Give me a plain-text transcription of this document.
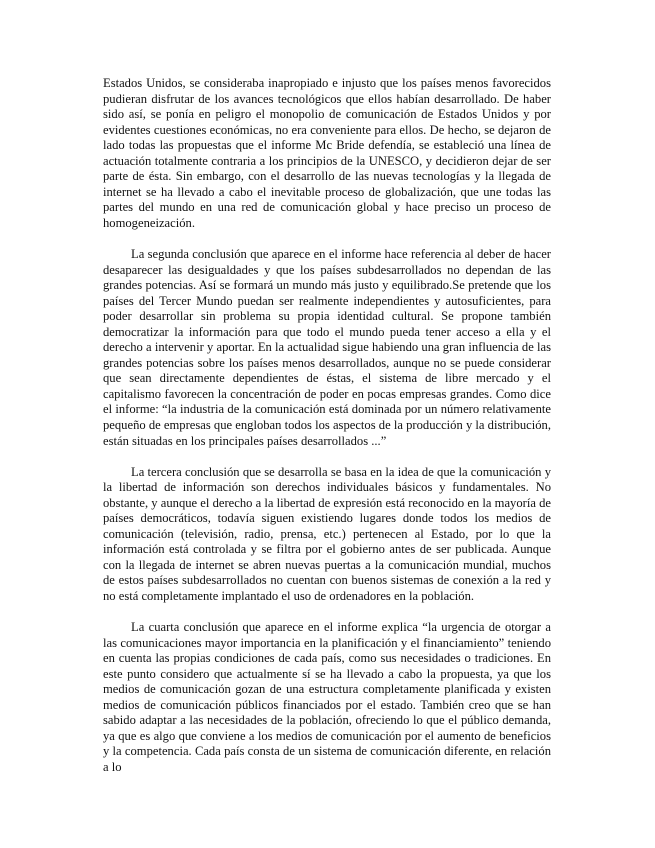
Estados Unidos, se consideraba inapropiado e injusto que los países menos favorecidos pudieran disfrutar de los avances tecnológicos que ellos habían desarrollado. De haber sido así, se ponía en peligro el monopolio de comunicación de Estados Unidos y por evidentes cuestiones económicas, no era conveniente para ellos. De hecho, se dejaron de lado todas las propuestas que el informe Mc Bride defendía, se estableció una línea de actuación totalmente contraria a los principios de la UNESCO, y decidieron dejar de ser parte de ésta. Sin embargo, con el desarrollo de las nuevas tecnologías y la llegada de internet se ha llevado a cabo el inevitable proceso de globalización, que une todas las partes del mundo en una red de comunicación global y hace preciso un proceso de homogeneización.

La segunda conclusión que aparece en el informe hace referencia al deber de hacer desaparecer las desigualdades y que los países subdesarrollados no dependan de las grandes potencias. Así se formará un mundo más justo y equilibrado.Se pretende que los países del Tercer Mundo puedan ser realmente independientes y autosuficientes, para poder desarrollar sin problema su propia identidad cultural. Se propone también democratizar la información para que todo el mundo pueda tener acceso a ella y el derecho a intervenir y aportar. En la actualidad sigue habiendo una gran influencia de las grandes potencias sobre los países menos desarrollados, aunque no se puede considerar que sean directamente dependientes de éstas, el sistema de libre mercado y el capitalismo favorecen la concentración de poder en pocas empresas grandes. Como dice el informe: “la industria de la comunicación está dominada por un número relativamente pequeño de empresas que engloban todos los aspectos de la producción y la distribución, están situadas en los principales países desarrollados ...”

La tercera conclusión que se desarrolla se basa en la idea de que la comunicación y la libertad de información son derechos individuales básicos y fundamentales. No obstante, y aunque el derecho a la libertad de expresión está reconocido en la mayoría de países democráticos, todavía siguen existiendo lugares donde todos los medios de comunicación (televisión, radio, prensa, etc.) pertenecen al Estado, por lo que la información está controlada y se filtra por el gobierno antes de ser publicada. Aunque con la llegada de internet se abren nuevas puertas a la comunicación mundial, muchos de estos países subdesarrollados no cuentan con buenos sistemas de conexión a la red y no está completamente implantado el uso de ordenadores en la población.

La cuarta conclusión que aparece en el informe explica “la urgencia de otorgar a las comunicaciones mayor importancia en la planificación y el financiamiento” teniendo en cuenta las propias condiciones de cada país, como sus necesidades o tradiciones. En este punto considero que actualmente sí se ha llevado a cabo la propuesta, ya que los medios de comunicación gozan de una estructura completamente planificada y existen medios de comunicación públicos financiados por el estado. También creo que se han sabido adaptar a las necesidades de la población, ofreciendo lo que el público demanda, ya que es algo que conviene a los medios de comunicación por el aumento de beneficios y la competencia. Cada país consta de un sistema de comunicación diferente, en relación a lo
